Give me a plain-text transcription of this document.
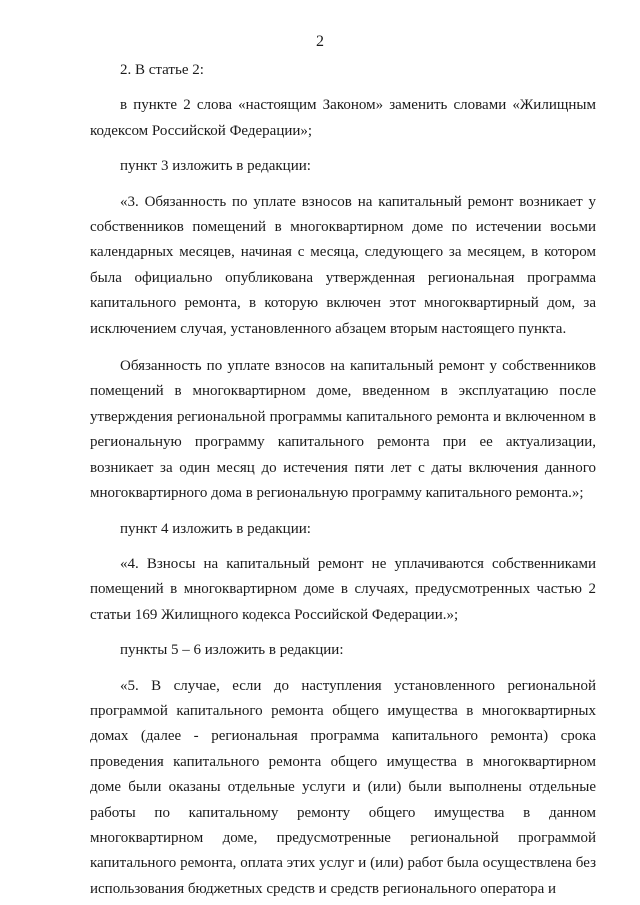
2

2. В статье 2:

в пункте 2 слова «настоящим Законом» заменить словами «Жилищным кодексом Российской Федерации»;

пункт 3 изложить в редакции:

«3. Обязанность по уплате взносов на капитальный ремонт возникает у собственников помещений в многоквартирном доме по истечении восьми календарных месяцев, начиная с месяца, следующего за месяцем, в котором была официально опубликована утвержденная региональная программа капитального ремонта, в которую включен этот многоквартирный дом, за исключением случая, установленного абзацем вторым настоящего пункта.

Обязанность по уплате взносов на капитальный ремонт у собственников помещений в многоквартирном доме, введенном в эксплуатацию после утверждения региональной программы капитального ремонта и включенном в региональную программу капитального ремонта при ее актуализации, возникает за один месяц до истечения пяти лет с даты включения данного многоквартирного дома в региональную программу капитального ремонта.»;

пункт 4 изложить в редакции:

«4. Взносы на капитальный ремонт не уплачиваются собственниками помещений в многоквартирном доме в случаях, предусмотренных частью 2 статьи 169 Жилищного кодекса Российской Федерации.»;

пункты 5 – 6 изложить в редакции:

«5. В случае, если до наступления установленного региональной программой капитального ремонта общего имущества в многоквартирных домах (далее - региональная программа капитального ремонта) срока проведения капитального ремонта общего имущества в многоквартирном доме были оказаны отдельные услуги и (или) были выполнены отдельные работы по капитальному ремонту общего имущества в данном многоквартирном доме, предусмотренные региональной программой капитального ремонта, оплата этих услуг и (или) работ была осуществлена без использования бюджетных средств и средств регионального оператора и
